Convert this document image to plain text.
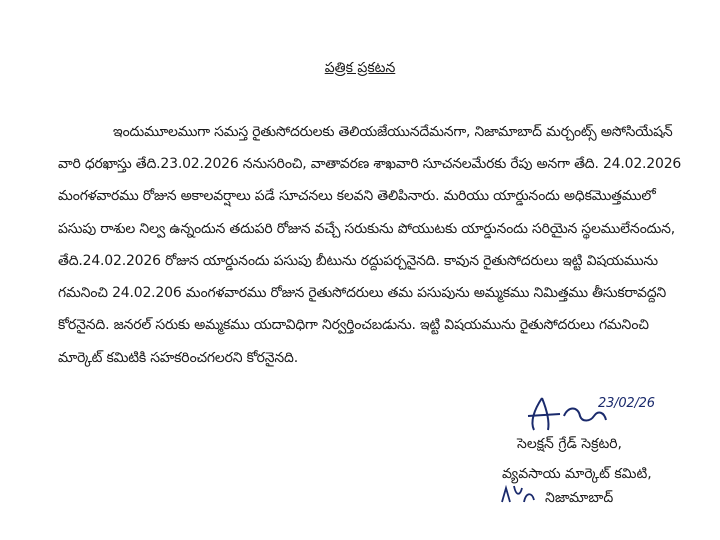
పత్రిక ప్రకటన
ఇందుమూలముగా సమస్త రైతుసోదరులకు తెలియజేయునదేమనగా, నిజామాబాద్ మర్చంట్స్ అసోసియేషన్
వారి ధరఖాస్తు తేది.23.02.2026 ననుసరించి, వాతావరణ శాఖవారి సూచనలమేరకు రేపు అనగా తేది. 24.02.2026
మంగళవారము రోజున అకాలవర్షాలు పడే సూచనలు కలవని తెలిపినారు. మరియు యార్డునందు అధికమొత్తములో
పసుపు రాశుల నిల్వ ఉన్నందున తదుపరి రోజున వచ్చే సరుకును పోయుటకు యార్డునందు సరియైన స్థలములేనందున,
తేది.24.02.2026 రోజున యార్డునందు పసుపు బీటును రద్దుపర్చనైనది. కావున రైతుసోదరులు ఇట్టి విషయమును
గమనించి 24.02.206 మంగళవారము రోజున రైతుసోదరులు తమ పసుపును అమ్మకము నిమిత్తము తీసుకరావద్దని
కోరనైనది. జనరల్ సరుకు అమ్మకము యదావిధిగా నిర్వర్తించబడును. ఇట్టి విషయమును రైతుసోదరులు గమనించి
మార్కెట్ కమిటికి సహకరించగలరని కోరనైనది.
23/02/26
సెలక్షన్ గ్రేడ్ సెక్రటరి,
వ్యవసాయ మార్కెట్ కమిటి,
నిజామాబాద్
